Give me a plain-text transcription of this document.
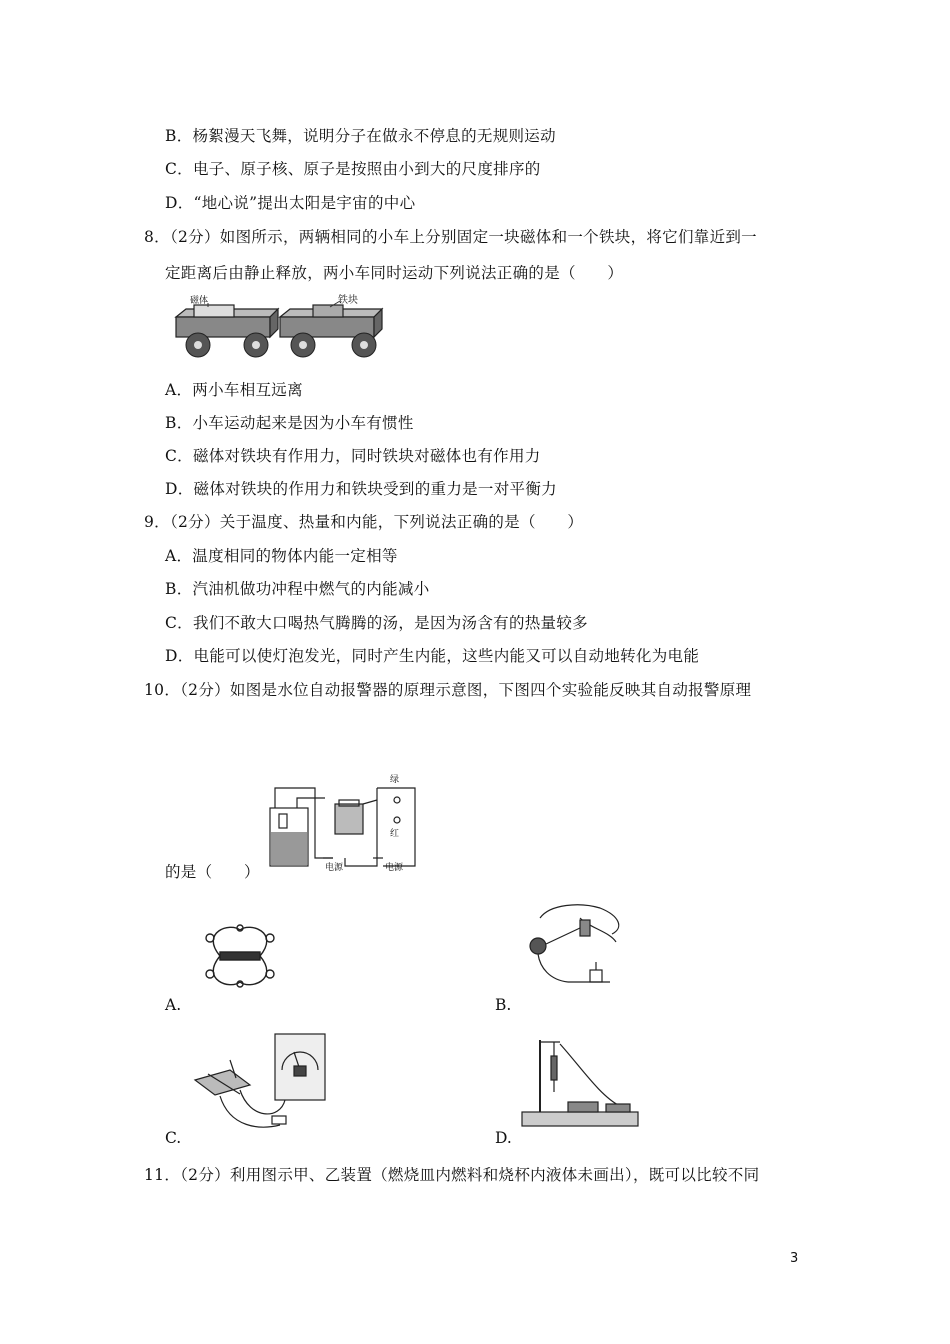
B．杨絮漫天飞舞，说明分子在做永不停息的无规则运动
C．电子、原子核、原子是按照由小到大的尺度排序的
D．“地心说”提出太阳是宇宙的中心
8．（2分）如图所示，两辆相同的小车上分别固定一块磁体和一个铁块，将它们靠近到一
定距离后由静止释放，两小车同时运动下列说法正确的是（　　）
磁体	铁块
A．两小车相互远离
B．小车运动起来是因为小车有惯性
C．磁体对铁块有作用力，同时铁块对磁体也有作用力
D．磁体对铁块的作用力和铁块受到的重力是一对平衡力
9．（2分）关于温度、热量和内能，下列说法正确的是（　　）
A．温度相同的物体内能一定相等
B．汽油机做功冲程中燃气的内能减小
C．我们不敢大口喝热气腾腾的汤，是因为汤含有的热量较多
D．电能可以使灯泡发光，同时产生内能，这些内能又可以自动地转化为电能
10．（2分）如图是水位自动报警器的原理示意图，下图四个实验能反映其自动报警原理
绿
红
电源	电源
的是（　　）
A.	B.
C.	D.
11．（2分）利用图示甲、乙装置（燃烧皿内燃料和烧杯内液体未画出），既可以比较不同
3
